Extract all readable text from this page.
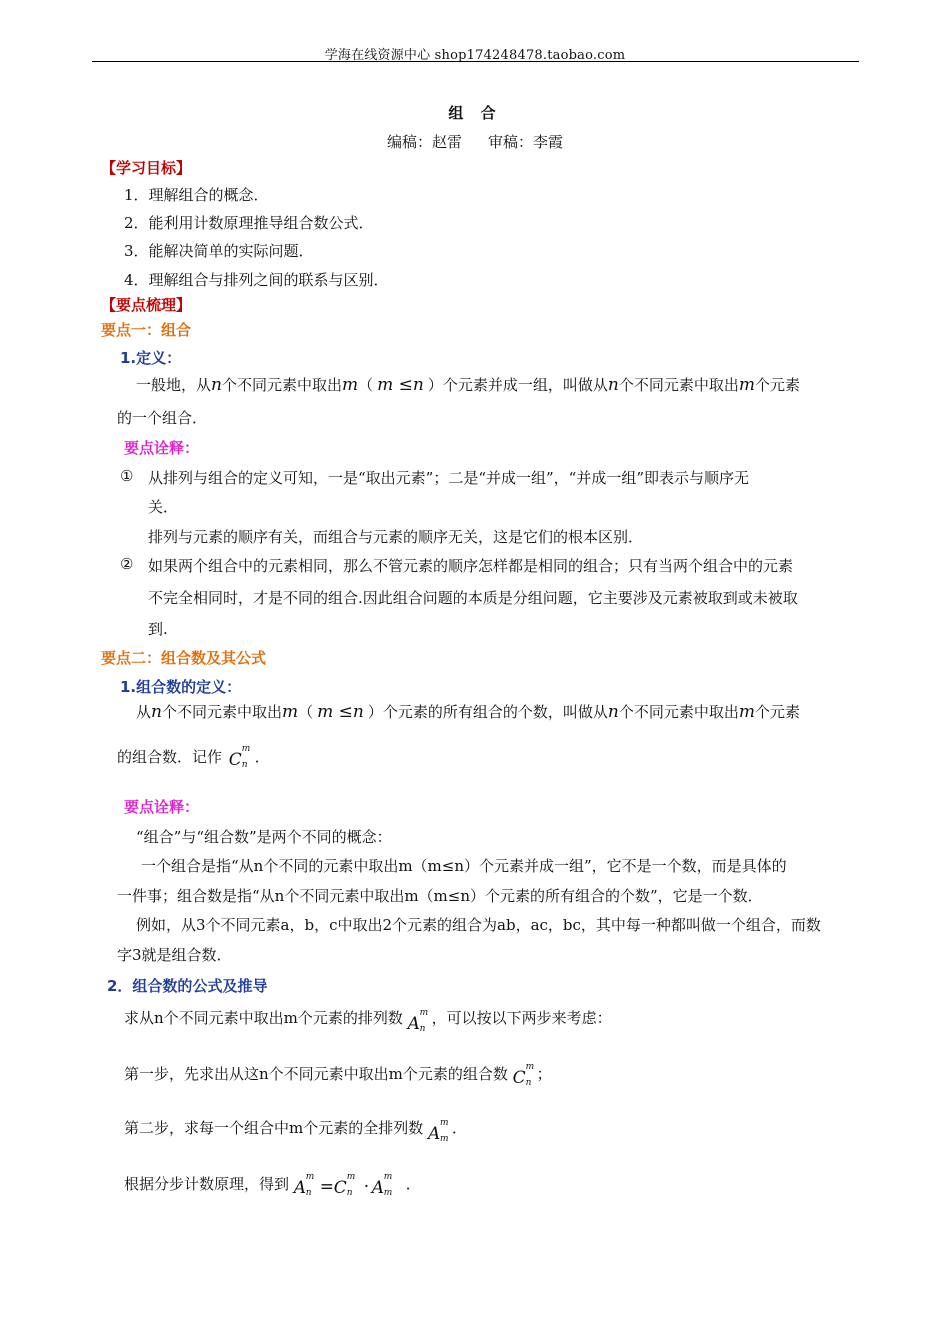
学海在线资源中心 shop174248478.taobao.com
组 合
编稿：赵雷 审稿：李霞
【学习目标】
1．理解组合的概念．
2．能利用计数原理推导组合数公式．
3．能解决简单的实际问题．
4．理解组合与排列之间的联系与区别．
【要点梳理】
要点一：组合
1.定义：
一般地，从n个不同元素中取出m（ m ≤n ）个元素并成一组，叫做从n个不同元素中取出m个元素
的一个组合．
要点诠释：
① 从排列与组合的定义可知，一是“取出元素”；二是“并成一组”，“并成一组”即表示与顺序无
关．
排列与元素的顺序有关，而组合与元素的顺序无关，这是它们的根本区别．
② 如果两个组合中的元素相同，那么不管元素的顺序怎样都是相同的组合；只有当两个组合中的元素
不完全相同时，才是不同的组合.因此组合问题的本质是分组问题，它主要涉及元素被取到或未被取
到.
要点二：组合数及其公式
1.组合数的定义：
从n个不同元素中取出m（ m ≤n ）个元素的所有组合的个数，叫做从n个不同元素中取出m个元素
的组合数．记作 C
m
n ．
要点诠释：
“组合”与“组合数”是两个不同的概念：
一个组合是指“从n个不同的元素中取出m（m≤n）个元素并成一组”，它不是一个数，而是具体的
一件事；组合数是指“从n个不同元素中取出m（m≤n）个元素的所有组合的个数”，它是一个数．
例如，从3个不同元素a，b，c中取出2个元素的组合为ab，ac，bc，其中每一种都叫做一个组合，而数
字3就是组合数．
2．组合数的公式及推导
求从n个不同元素中取出m个元素的排列数 A
m
n
，可以按以下两步来考虑：
第一步，先求出从这n个不同元素中取出m个元素的组合数 C
m
n ；
第二步，求每一个组合中m个元素的全排列数 A
m
m
．
根据分步计数原理，得到 A
m
n = C
m
n · A
m
m ．
